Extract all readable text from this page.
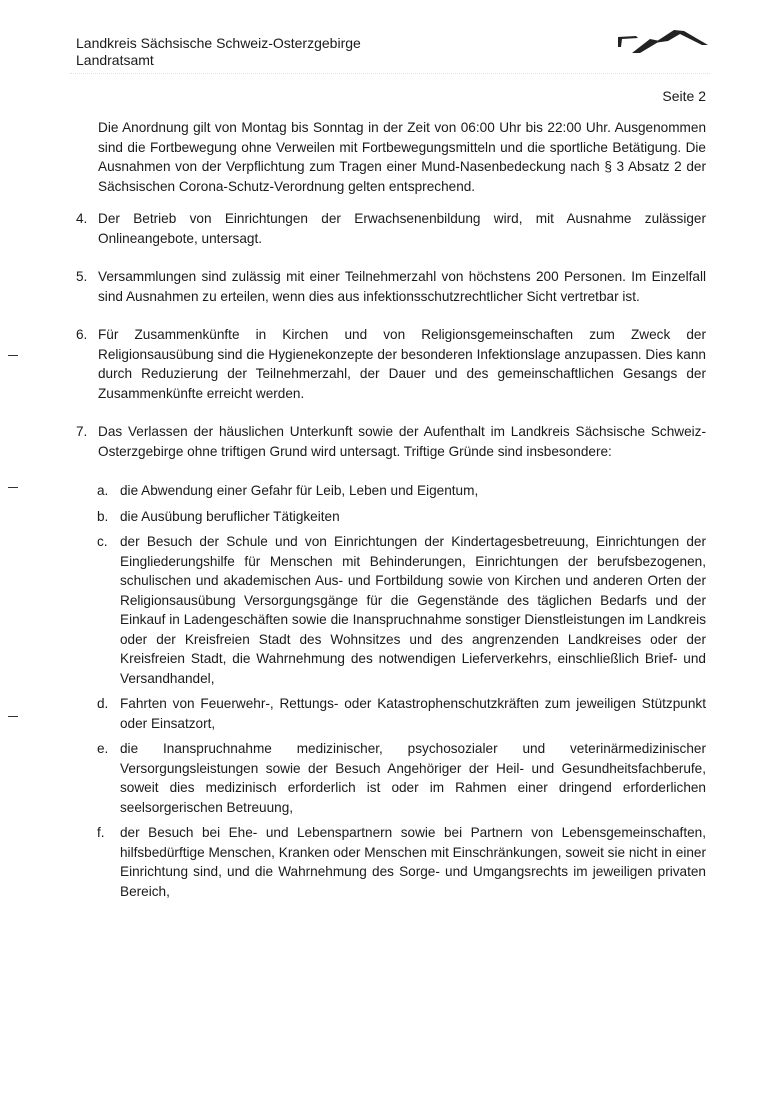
Landkreis Sächsische Schweiz-Osterzgebirge
Landratsamt
Seite 2
Die Anordnung gilt von Montag bis Sonntag in der Zeit von 06:00 Uhr bis 22:00 Uhr. Ausgenommen sind die Fortbewegung ohne Verweilen mit Fortbewegungsmitteln und die sportliche Betätigung. Die Ausnahmen von der Verpflichtung zum Tragen einer Mund-Nasenbedeckung nach § 3 Absatz 2 der Sächsischen Corona-Schutz-Verordnung gelten entsprechend.
4. Der Betrieb von Einrichtungen der Erwachsenenbildung wird, mit Ausnahme zulässiger Onlineangebote, untersagt.
5. Versammlungen sind zulässig mit einer Teilnehmerzahl von höchstens 200 Personen. Im Einzelfall sind Ausnahmen zu erteilen, wenn dies aus infektionsschutzrechtlicher Sicht vertretbar ist.
6. Für Zusammenkünfte in Kirchen und von Religionsgemeinschaften zum Zweck der Religionsausübung sind die Hygienekonzepte der besonderen Infektionslage anzupassen. Dies kann durch Reduzierung der Teilnehmerzahl, der Dauer und des gemeinschaftlichen Gesangs der Zusammenkünfte erreicht werden.
7. Das Verlassen der häuslichen Unterkunft sowie der Aufenthalt im Landkreis Sächsische Schweiz-Osterzgebirge ohne triftigen Grund wird untersagt. Triftige Gründe sind insbesondere:
a. die Abwendung einer Gefahr für Leib, Leben und Eigentum,
b. die Ausübung beruflicher Tätigkeiten
c. der Besuch der Schule und von Einrichtungen der Kindertagesbetreuung, Einrichtungen der Eingliederungshilfe für Menschen mit Behinderungen, Einrichtungen der berufsbezogenen, schulischen und akademischen Aus- und Fortbildung sowie von Kirchen und anderen Orten der Religionsausübung Versorgungsgänge für die Gegenstände des täglichen Bedarfs und der Einkauf in Ladengeschäften sowie die Inanspruchnahme sonstiger Dienstleistungen im Landkreis oder der Kreisfreien Stadt des Wohnsitzes und des angrenzenden Landkreises oder der Kreisfreien Stadt, die Wahrnehmung des notwendigen Lieferverkehrs, einschließlich Brief- und Versandhandel,
d. Fahrten von Feuerwehr-, Rettungs- oder Katastrophenschutzkräften zum jeweiligen Stützpunkt oder Einsatzort,
e. die Inanspruchnahme medizinischer, psychosozialer und veterinärmedizinischer Versorgungsleistungen sowie der Besuch Angehöriger der Heil- und Gesundheitsfachberufe, soweit dies medizinisch erforderlich ist oder im Rahmen einer dringend erforderlichen seelsorgerischen Betreuung,
f. der Besuch bei Ehe- und Lebenspartnern sowie bei Partnern von Lebensgemeinschaften, hilfsbedürftige Menschen, Kranken oder Menschen mit Einschränkungen, soweit sie nicht in einer Einrichtung sind, und die Wahrnehmung des Sorge- und Umgangsrechts im jeweiligen privaten Bereich,
